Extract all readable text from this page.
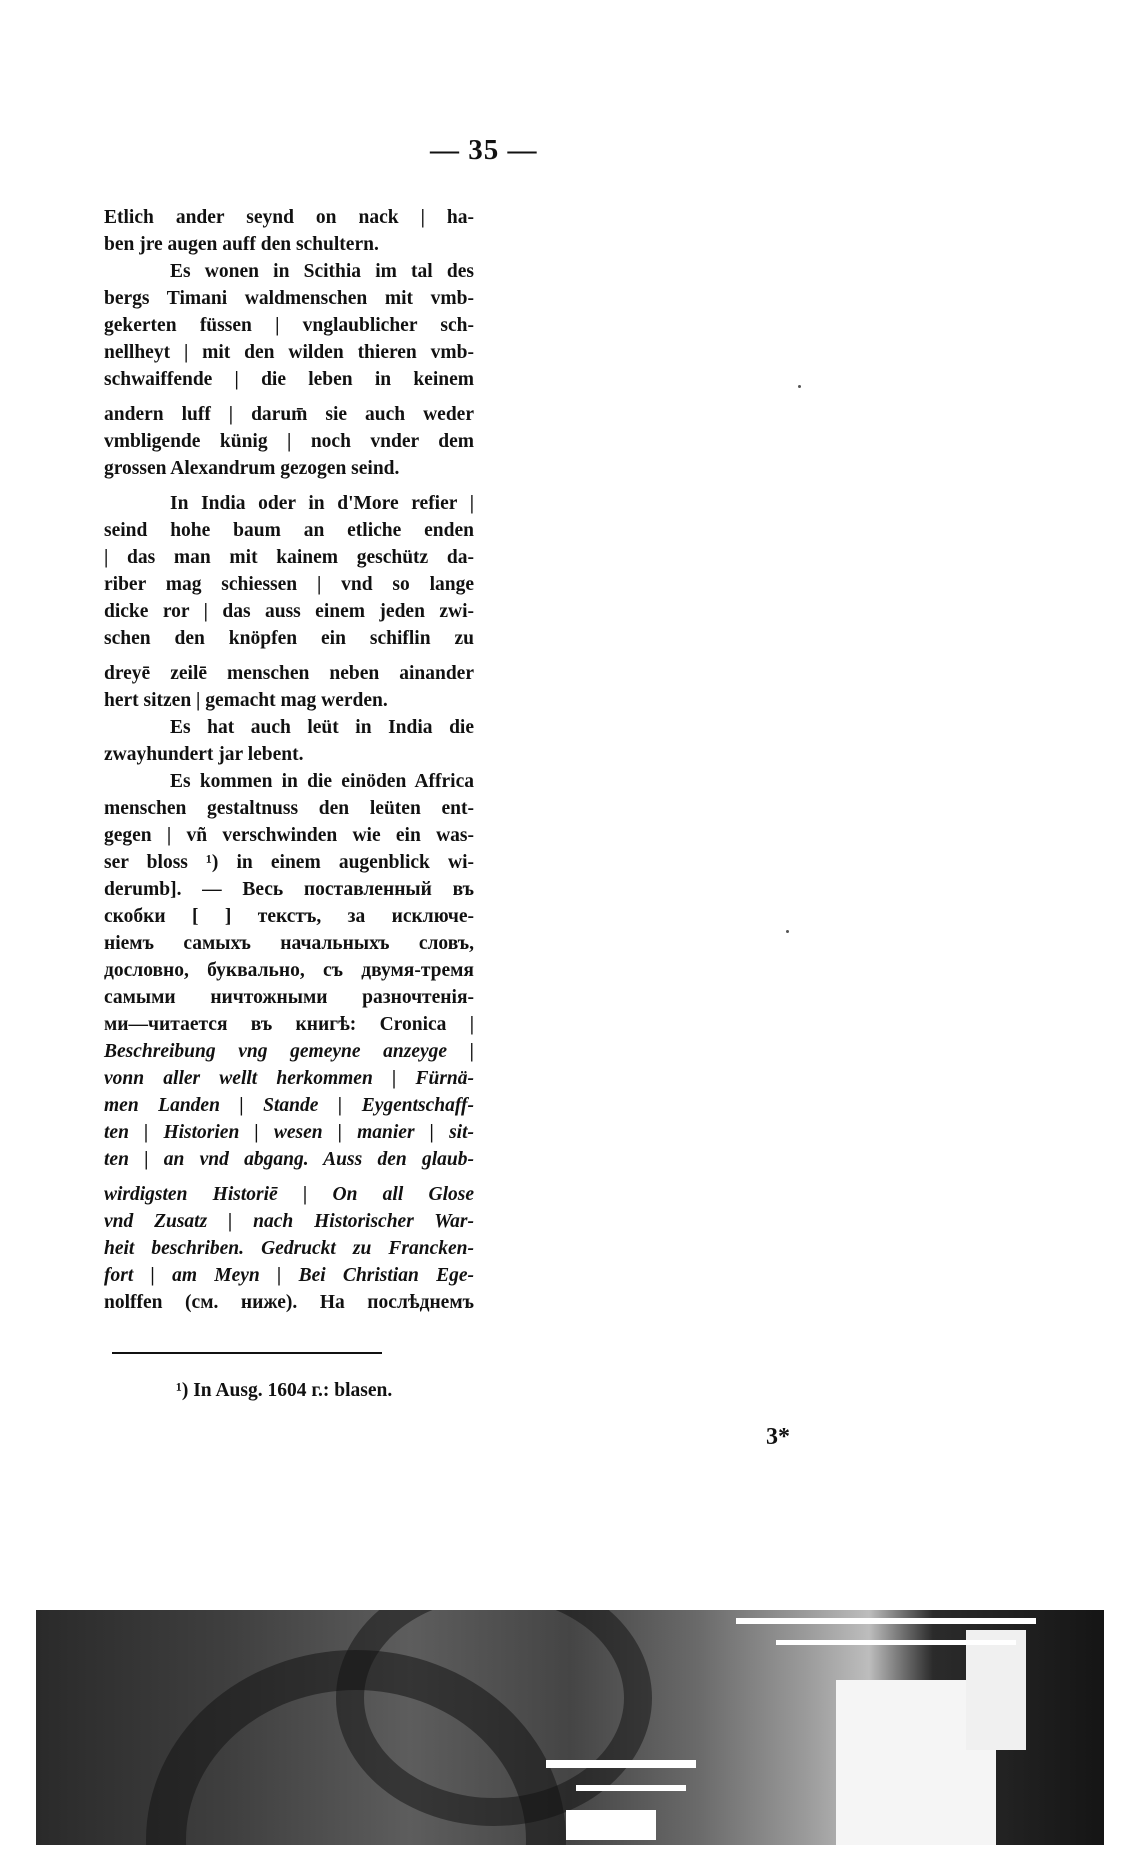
— 35 —
Etlich ander seynd on nack | ha-
ben jre augen auff den schultern.
Es wonen in Scithia im tal des
bergs Timani waldmenschen mit vmb-
gekerten füssen | vnglaublicher sch-
nellheyt | mit den wilden thieren vmb-
schwaiffende | die leben in keinem
andern luff | darum̄ sie auch weder
vmbligende künig | noch vnder dem
grossen Alexandrum gezogen seind.
In India oder in d'More refier |
seind hohe baum an etliche enden
| das man mit kainem geschütz da-
riber mag schiessen | vnd so lange
dicke ror | das auss einem jeden zwi-
schen den knöpfen ein schiflin zu
dreyē zeilē menschen neben ainander
hert sitzen | gemacht mag werden.
Es hat auch leüt in India die
zwayhundert jar lebent.
Es kommen in die einöden Affrica
menschen gestaltnuss den leüten ent-
gegen | vñ verschwinden wie ein was-
ser bloss ¹) in einem augenblick wi-
derumb]. — Весь поставленный въ
скобки [ ] текстъ, за исключе-
ніемъ самыхъ начальныхъ словъ,
дословно, буквально, съ двумя-тремя
самыми ничтожными разночтенія-
ми—читается въ книгѣ: Cronica |
Beschreibung vng gemeyne anzeyge |
vonn aller wellt herkommen | Fürnä-
men Landen | Stande | Eygentschaff-
ten | Historien | wesen | manier | sit-
ten | an vnd abgang. Auss den glaub-
wirdigsten Historiē | On all Glose
vnd Zusatz | nach Historischer War-
heit beschriben. Gedruckt zu Francken-
fort | am Meyn | Bei Christian Ege-
nolffen (см. ниже). На послѣднемъ
¹) In Ausg. 1604 г.: blasen.
3*
